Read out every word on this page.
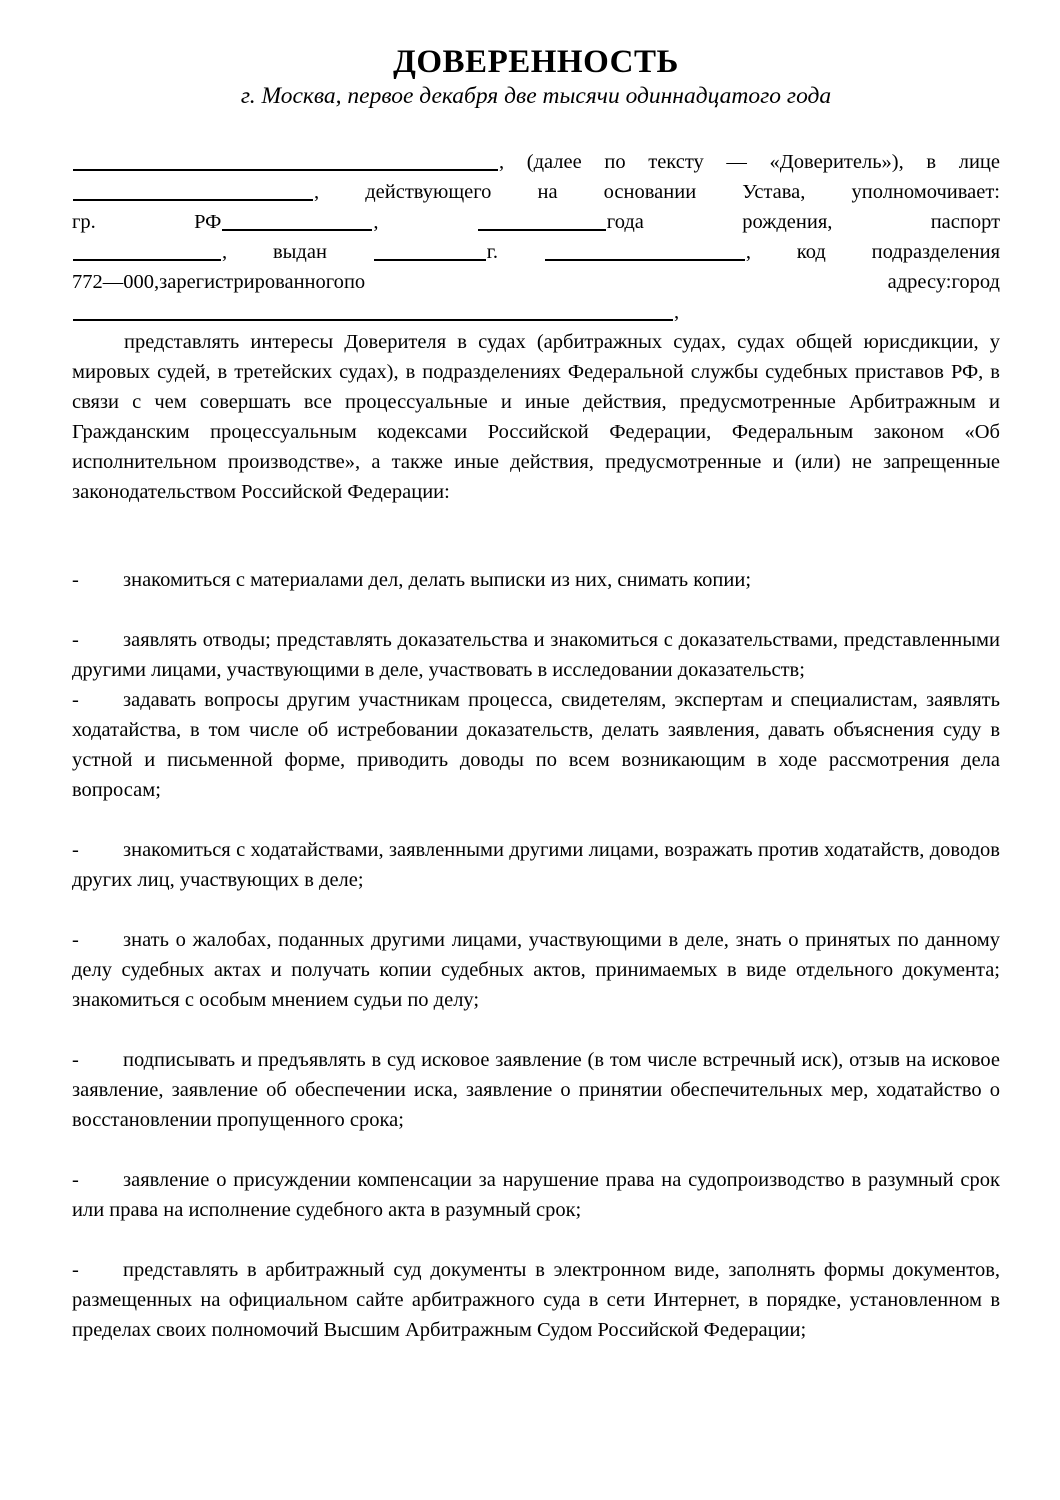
ДОВЕРЕННОСТЬ
г. Москва, первое декабря две тысячи одиннадцатого года

, (далее по тексту — «Доверитель»), в лице

, действующего на основании Устава, уполномочивает:

гр.	РФ	,	года	рождения,	паспорт

, выдан	г.	, код подразделения

772—000,зарегистрированногопо адресу:город

,

представлять интересы Доверителя в судах (арбитражных судах, судах общей юрисдикции, у мировых судей, в третейских судах), в подразделениях Федеральной службы судебных приставов РФ, в связи с чем совершать все процессуальные и иные действия, предусмотренные Арбитражным и Гражданским процессуальным кодексами Российской Федерации, Федеральным законом «Об исполнительном производстве», а также иные действия, предусмотренные и (или) не запрещенные законодательством Российской Федерации:

-	знакомиться с материалами дел, делать выписки из них, снимать копии;
-	заявлять отводы; представлять доказательства и знакомиться с доказательствами, представленными другими лицами, участвующими в деле, участвовать в исследовании доказательств;
-	задавать вопросы другим участникам процесса, свидетелям, экспертам и специалистам, заявлять ходатайства, в том числе об истребовании доказательств, делать заявления, давать объяснения суду в устной и письменной форме, приводить доводы по всем возникающим в ходе рассмотрения дела вопросам;
-	знакомиться с ходатайствами, заявленными другими лицами, возражать против ходатайств, доводов других лиц, участвующих в деле;
-	знать о жалобах, поданных другими лицами, участвующими в деле, знать о принятых по данному делу судебных актах и получать копии судебных актов, принимаемых в виде отдельного документа; знакомиться с особым мнением судьи по делу;
-	подписывать и предъявлять в суд исковое заявление (в том числе встречный иск), отзыв на исковое заявление, заявление об обеспечении иска, заявление о принятии обеспечительных мер, ходатайство о восстановлении пропущенного срока;
-	заявление о присуждении компенсации за нарушение права на судопроизводство в разумный срок или права на исполнение судебного акта в разумный срок;
-	представлять в арбитражный суд документы в электронном виде, заполнять формы документов, размещенных на официальном сайте арбитражного суда в сети Интернет, в порядке, установленном в пределах своих полномочий Высшим Арбитражным Судом Российской Федерации;
